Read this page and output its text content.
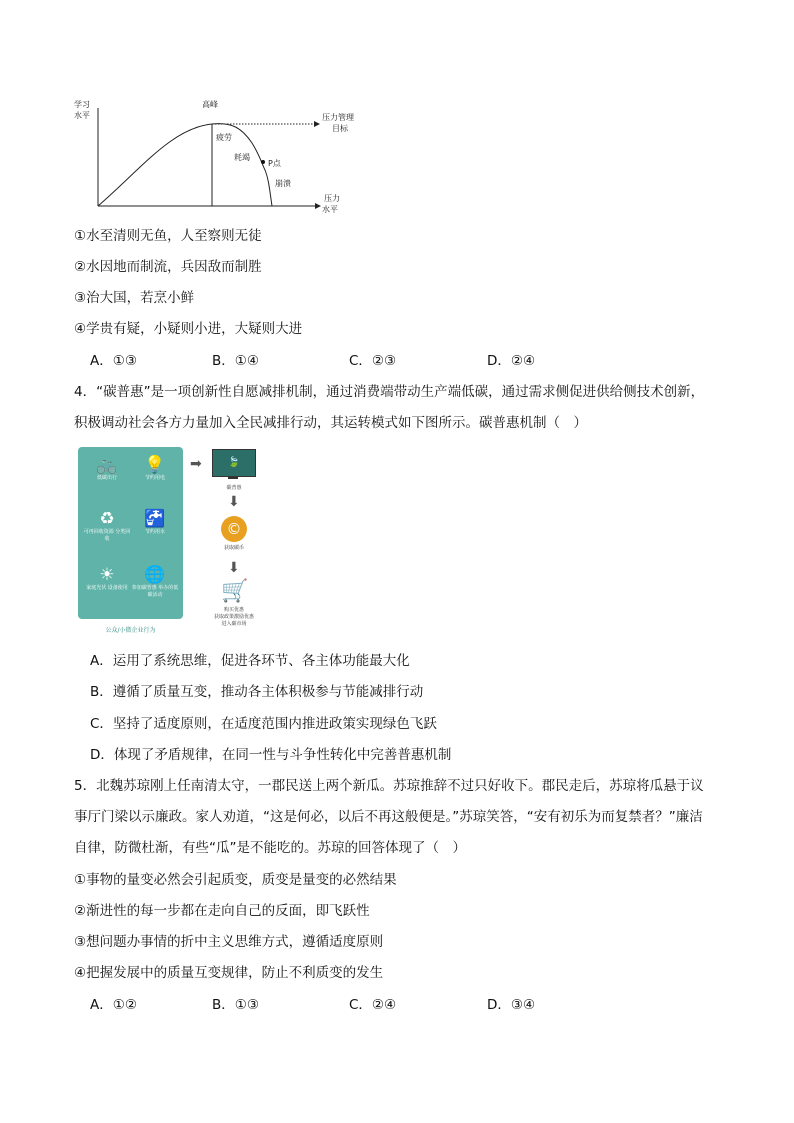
学习
水平
高峰
疲劳
耗竭
P点
崩溃
压力管理
目标
压力
水平
①水至清则无鱼，人至察则无徒
②水因地而制流，兵因敌而制胜
③治大国，若烹小鲜
④学贵有疑，小疑则小进，大疑则大进
A．①③	B．①④	C．②③	D．②④
4．“碳普惠”是一项创新性自愿减排机制，通过消费端带动生产端低碳，通过需求侧促进供给侧技术创新，
积极调动社会各方力量加入全民减排行动，其运转模式如下图所示。碳普惠机制（　）
🚲
低碳出行
💡
节约用电
♻
可再回收资源 分类回收
🚰
节约用水
☀
家庭光伏 设备使用
🌐
参加碳普惠 举办的低碳活动
公众/小微企业行为
➡	🍃
碳普惠
⬇
©
获取碳币
⬇
🛒
购买优惠
获取政策激励优惠
进入碳市场
A．运用了系统思维，促进各环节、各主体功能最大化
B．遵循了质量互变，推动各主体积极参与节能减排行动
C．坚持了适度原则，在适度范围内推进政策实现绿色飞跃
D．体现了矛盾规律，在同一性与斗争性转化中完善普惠机制
5．北魏苏琼刚上任南清太守，一郡民送上两个新瓜。苏琼推辞不过只好收下。郡民走后，苏琼将瓜悬于议
事厅门梁以示廉政。家人劝道，“这是何必，以后不再这般便是。”苏琼笑答，“安有初乐为而复禁者？”廉洁
自律，防微杜渐，有些“瓜”是不能吃的。苏琼的回答体现了（　）
①事物的量变必然会引起质变，质变是量变的必然结果
②渐进性的每一步都在走向自己的反面，即飞跃性
③想问题办事情的折中主义思维方式，遵循适度原则
④把握发展中的质量互变规律，防止不利质变的发生
A．①②	B．①③	C．②④	D．③④
